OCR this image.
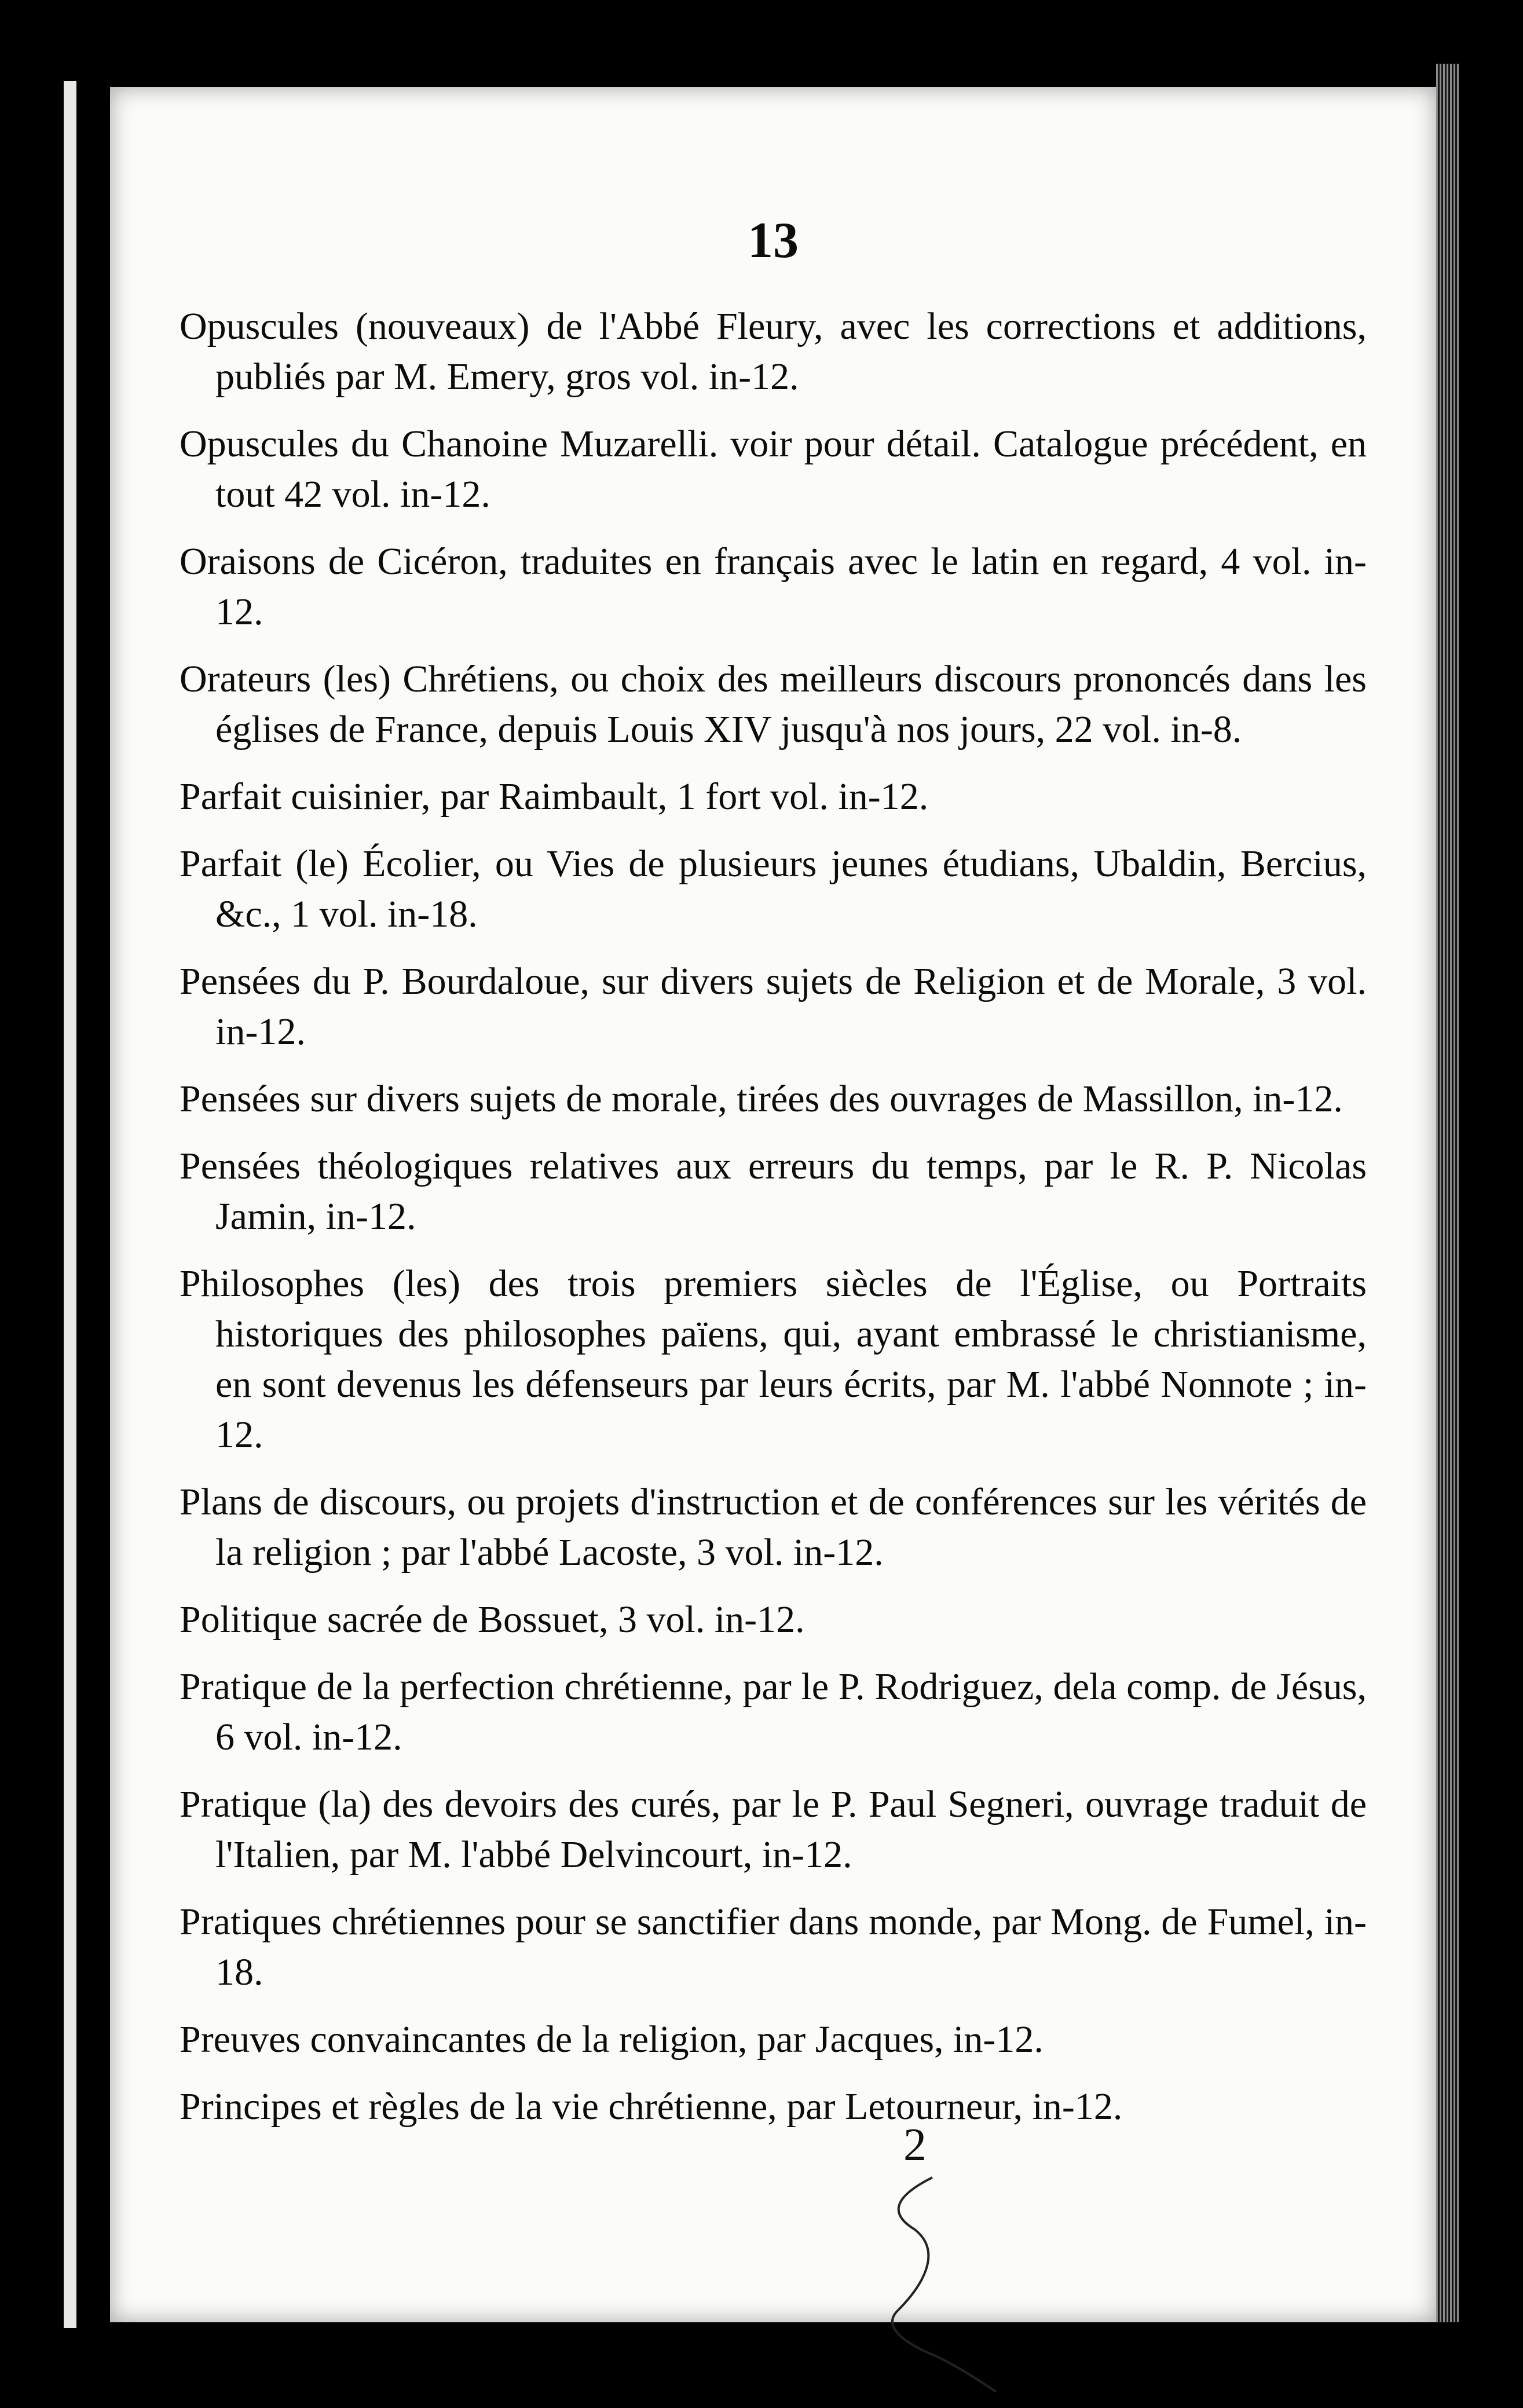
13
Opuscules (nouveaux) de l'Abbé Fleury, avec les corrections et additions, publiés par M. Emery, gros vol. in-12.
Opuscules du Chanoine Muzarelli. voir pour détail. Catalogue précédent, en tout 42 vol. in-12.
Oraisons de Cicéron, traduites en français avec le latin en regard, 4 vol. in-12.
Orateurs (les) Chrétiens, ou choix des meilleurs discours prononcés dans les églises de France, depuis Louis XIV jusqu'à nos jours, 22 vol. in-8.
Parfait cuisinier, par Raimbault, 1 fort vol. in-12.
Parfait (le) Écolier, ou Vies de plusieurs jeunes étudians, Ubaldin, Bercius, &c., 1 vol. in-18.
Pensées du P. Bourdaloue, sur divers sujets de Religion et de Morale, 3 vol. in-12.
Pensées sur divers sujets de morale, tirées des ouvrages de Massillon, in-12.
Pensées théologiques relatives aux erreurs du temps, par le R. P. Nicolas Jamin, in-12.
Philosophes (les) des trois premiers siècles de l'Église, ou Portraits historiques des philosophes païens, qui, ayant embrassé le christianisme, en sont devenus les défenseurs par leurs écrits, par M. l'abbé Nonnote ; in-12.
Plans de discours, ou projets d'instruction et de conférences sur les vérités de la religion ; par l'abbé Lacoste, 3 vol. in-12.
Politique sacrée de Bossuet, 3 vol. in-12.
Pratique de la perfection chrétienne, par le P. Rodriguez, dela comp. de Jésus, 6 vol. in-12.
Pratique (la) des devoirs des curés, par le P. Paul Segneri, ouvrage traduit de l'Italien, par M. l'abbé Delvincourt, in-12.
Pratiques chrétiennes pour se sanctifier dans monde, par Mong. de Fumel, in-18.
Preuves convaincantes de la religion, par Jacques, in-12.
Principes et règles de la vie chrétienne, par Letourneur, in-12.
2
